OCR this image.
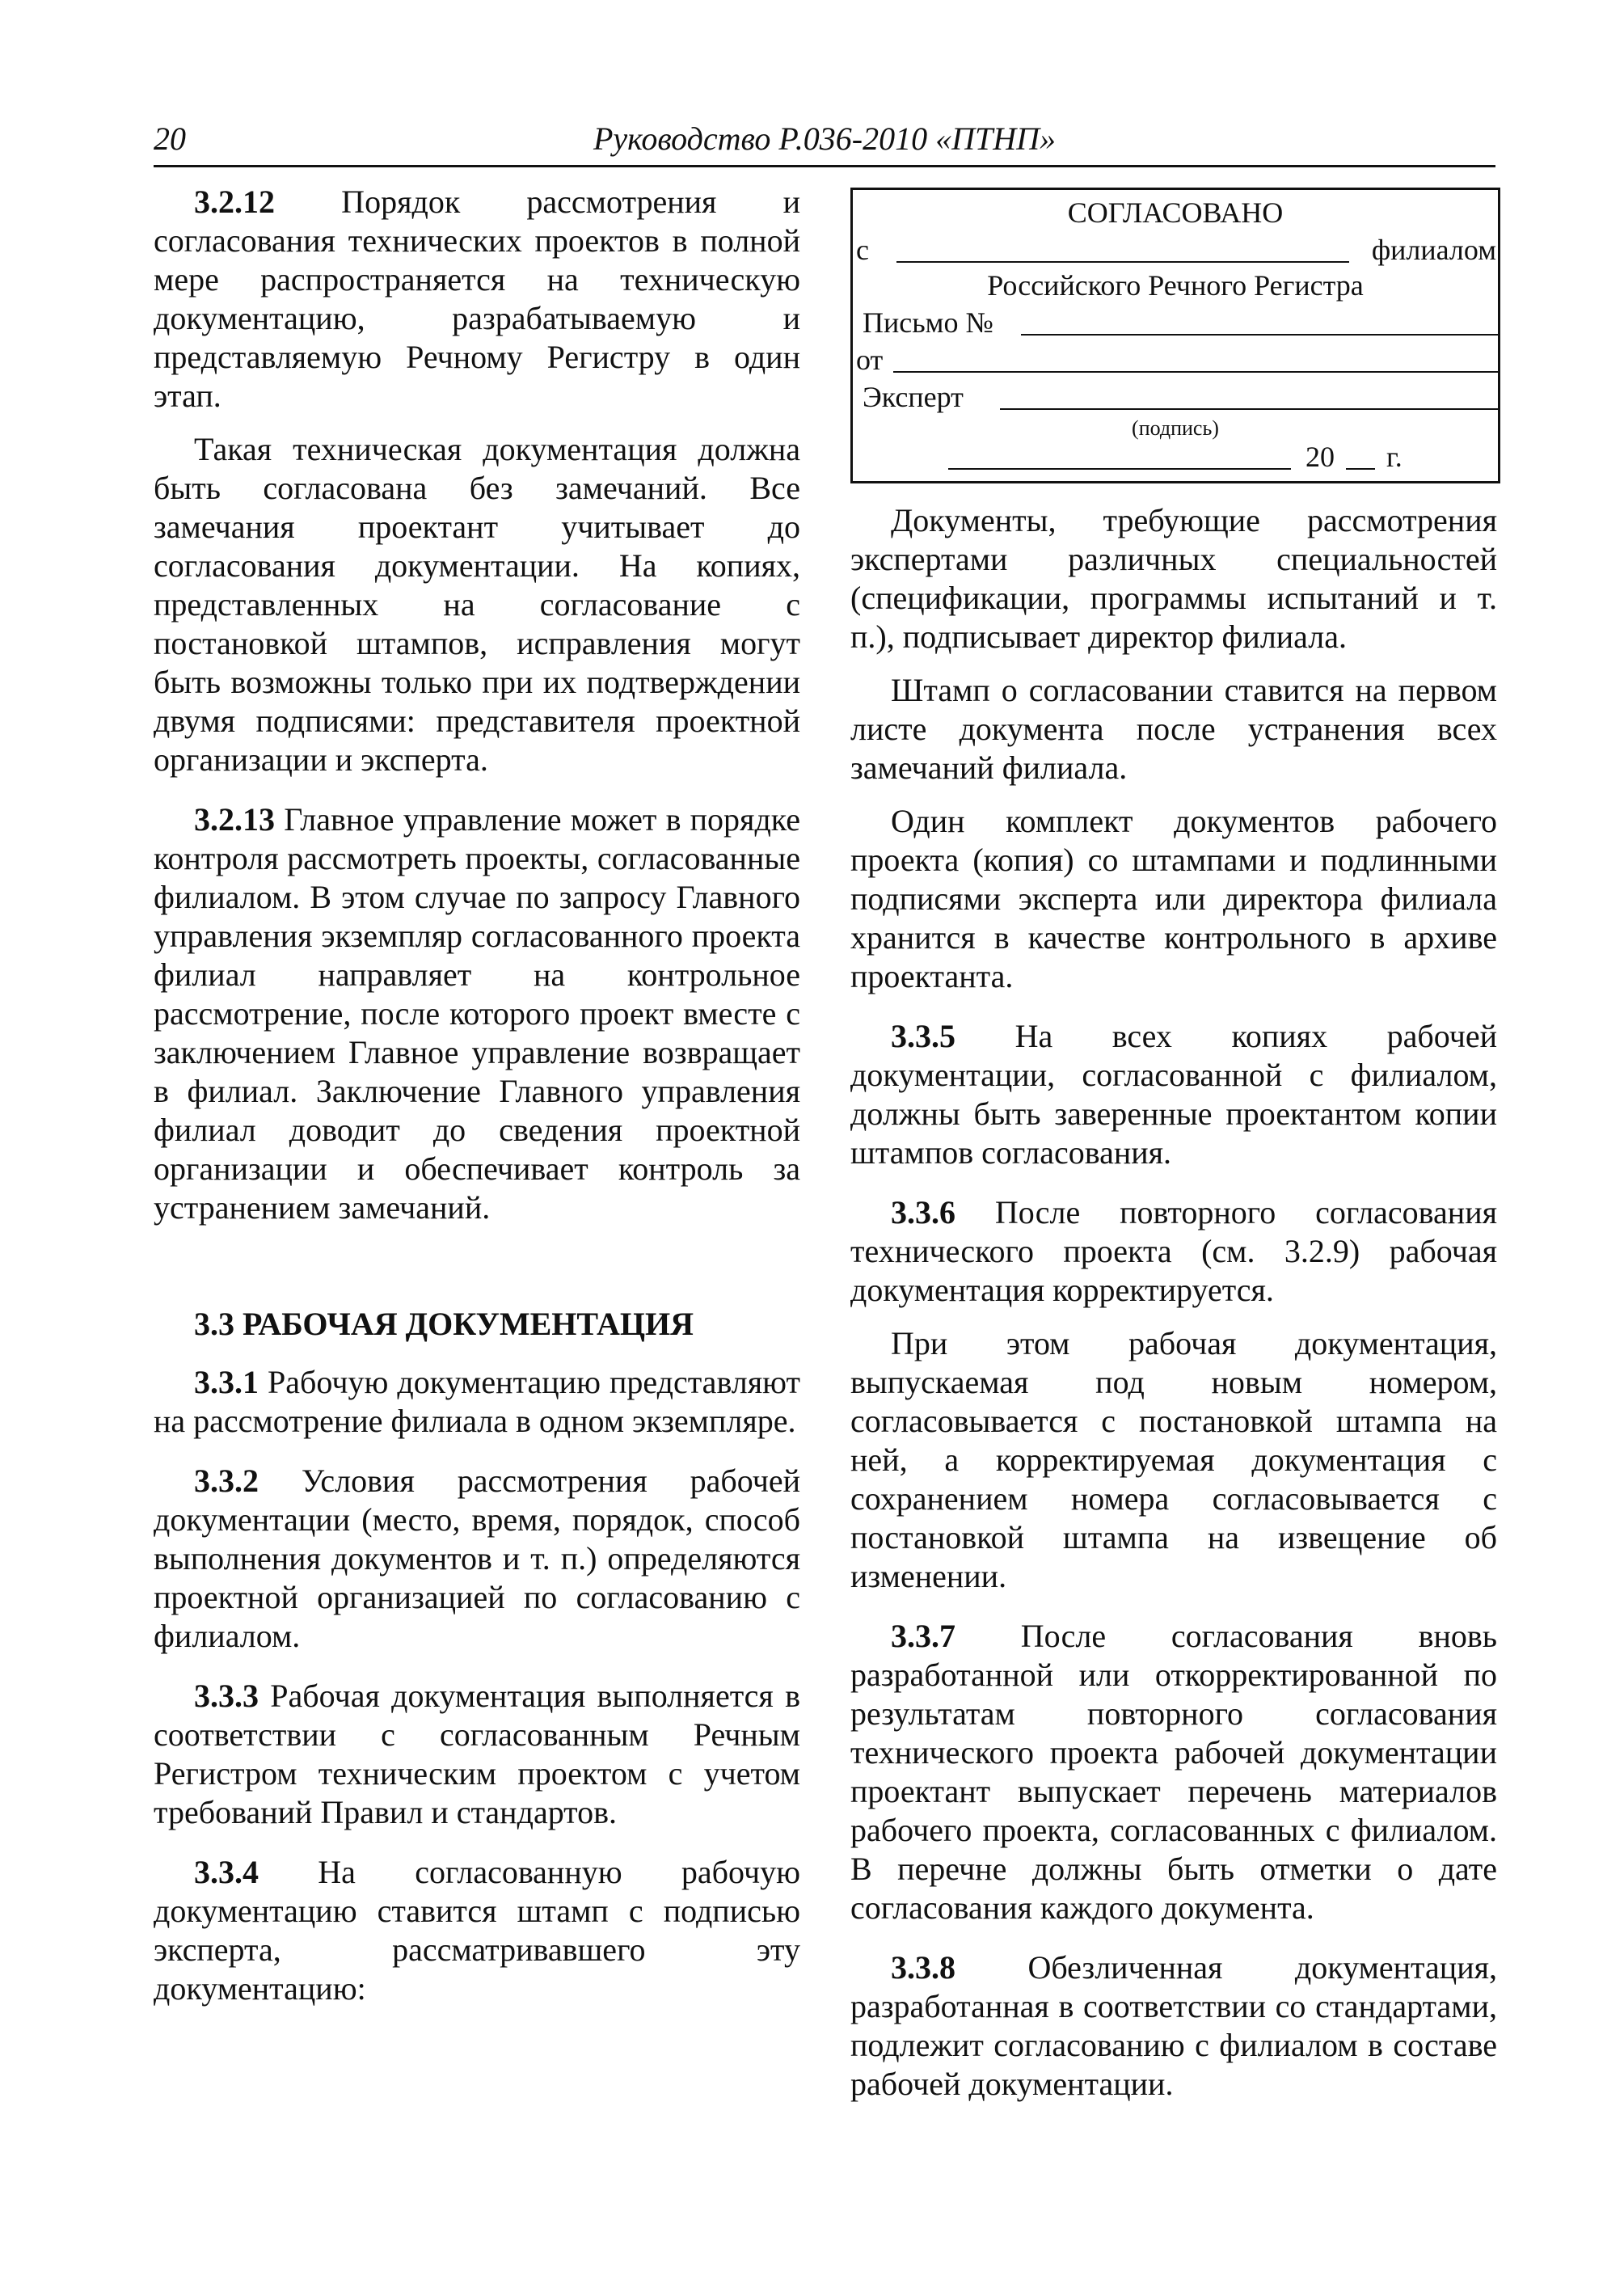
20	Руководство Р.036-2010 «ПТНП»

3.2.12 Порядок рассмотрения и согласования технических проектов в полной мере распространяется на техническую документацию, разрабатываемую и представляемую Речному Регистру в один этап.

Такая техническая документация должна быть согласована без замечаний. Все замечания проектант учитывает до согласования документации. На копиях, представленных на согласование с постановкой штампов, исправления могут быть возможны только при их подтверждении двумя подписями: представителя проектной организации и эксперта.

3.2.13 Главное управление может в порядке контроля рассмотреть проекты, согласованные филиалом. В этом случае по запросу Главного управления экземпляр согласованного проекта филиал направляет на контрольное рассмотрение, после которого проект вместе с заключением Главное управление возвращает в филиал. Заключение Главного управления филиал доводит до сведения проектной организации и обеспечивает контроль за устранением замечаний.

3.3 РАБОЧАЯ ДОКУМЕНТАЦИЯ

3.3.1 Рабочую документацию представляют на рассмотрение филиала в одном экземпляре.

3.3.2 Условия рассмотрения рабочей документации (место, время, порядок, способ выполнения документов и т. п.) определяются проектной организацией по согласованию с филиалом.

3.3.3 Рабочая документация выполняется в соответствии с согласованным Речным Регистром техническим проектом с учетом требований Правил и стандартов.

3.3.4 На согласованную рабочую документацию ставится штамп с подписью эксперта, рассматривавшего эту документацию:

СОГЛАСОВАНО
с	филиалом
Российского Речного Регистра
Письмо №
от
Эксперт
(подпись)
20 г.

Документы, требующие рассмотрения экспертами различных специальностей (спецификации, программы испытаний и т. п.), подписывает директор филиала.

Штамп о согласовании ставится на первом листе документа после устранения всех замечаний филиала.

Один комплект документов рабочего проекта (копия) со штампами и подлинными подписями эксперта или директора филиала хранится в качестве контрольного в архиве проектанта.

3.3.5 На всех копиях рабочей документации, согласованной с филиалом, должны быть заверенные проектантом копии штампов согласования.

3.3.6 После повторного согласования технического проекта (см. 3.2.9) рабочая документация корректируется.

При этом рабочая документация, выпускаемая под новым номером, согласовывается с постановкой штампа на ней, а корректируемая документация с сохранением номера согласовывается с постановкой штампа на извещение об изменении.

3.3.7 После согласования вновь разработанной или откорректированной по результатам повторного согласования технического проекта рабочей документации проектант выпускает перечень материалов рабочего проекта, согласованных с филиалом. В перечне должны быть отметки о дате согласования каждого документа.

3.3.8 Обезличенная документация, разработанная в соответствии со стандартами, подлежит согласованию с филиалом в составе рабочей документации.
